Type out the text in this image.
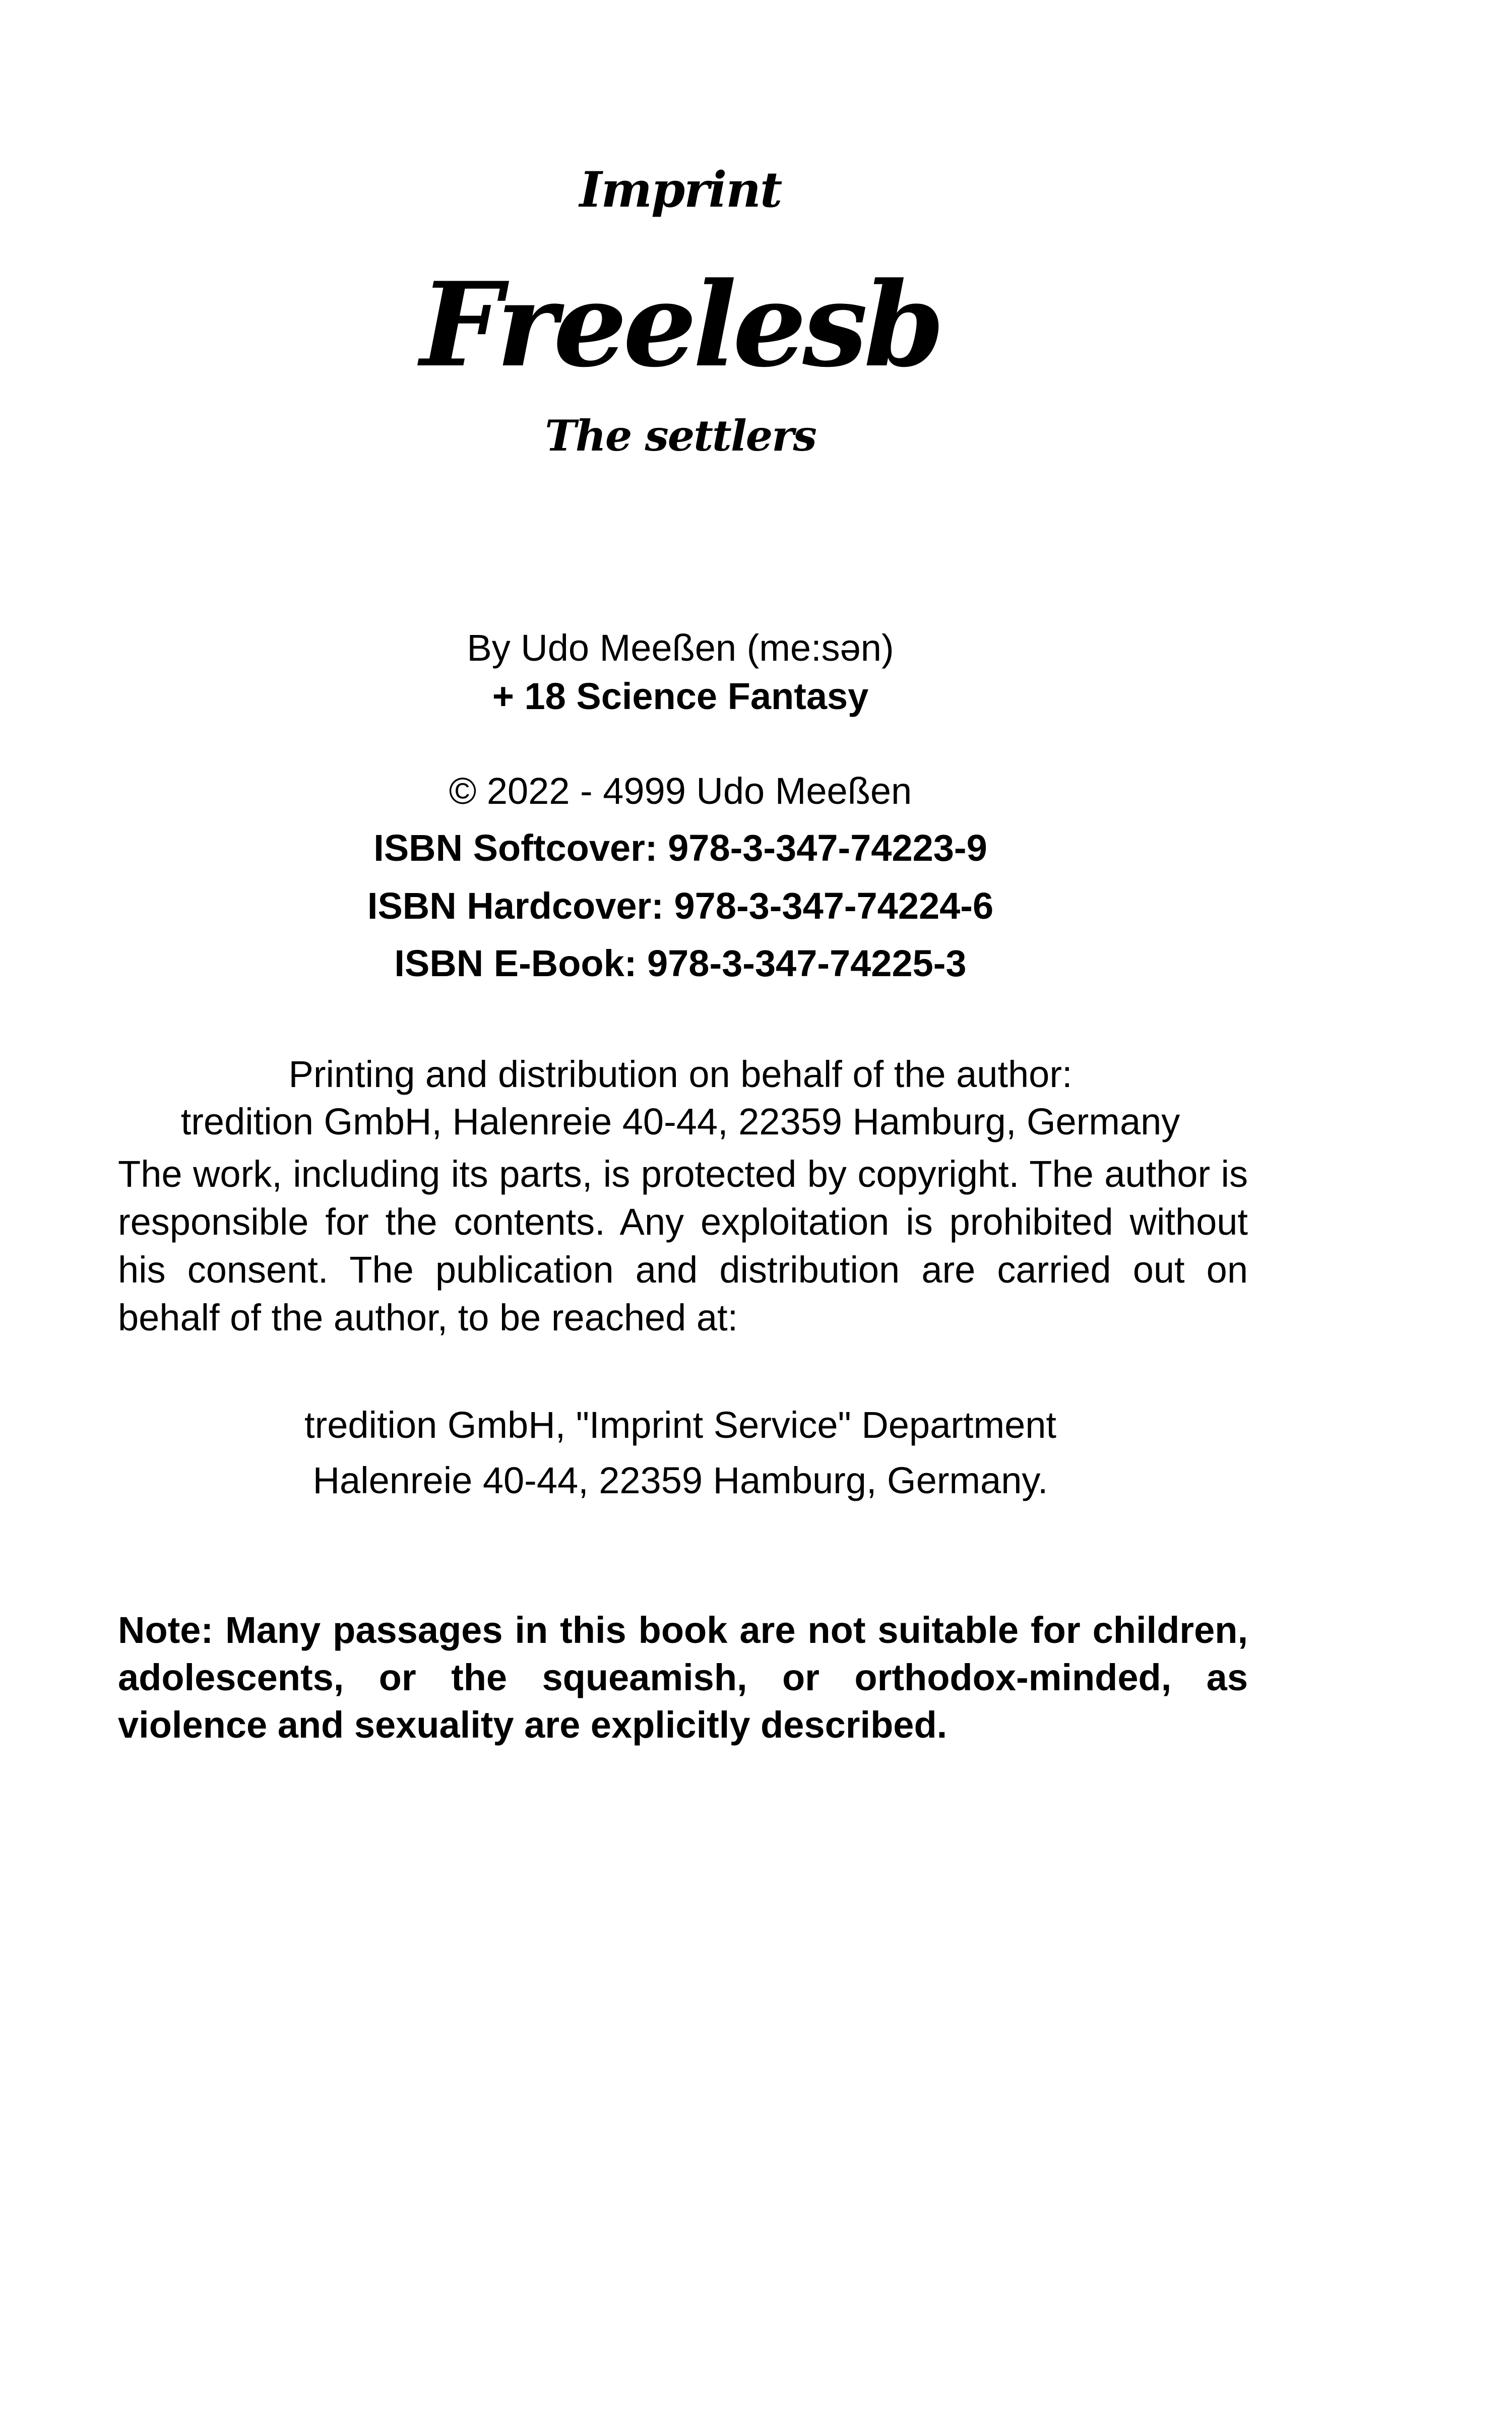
Imprint
Freelesb
The settlers
By Udo Meeßen (me:sən)
+ 18 Science Fantasy
© 2022 - 4999 Udo Meeßen
ISBN Softcover: 978-3-347-74223-9
ISBN Hardcover: 978-3-347-74224-6
ISBN E-Book: 978-3-347-74225-3
Printing and distribution on behalf of the author:
tredition GmbH, Halenreie 40-44, 22359 Hamburg, Germany
The work, including its parts, is protected by copyright. The author is responsible for the contents. Any exploitation is prohibited without his consent. The publication and distribution are carried out on behalf of the author, to be reached at:
tredition GmbH, "Imprint Service" Department
Halenreie 40-44, 22359 Hamburg, Germany.
Note: Many passages in this book are not suitable for children, adolescents, or the squeamish, or orthodox-minded, as violence and sexuality are explicitly described.
